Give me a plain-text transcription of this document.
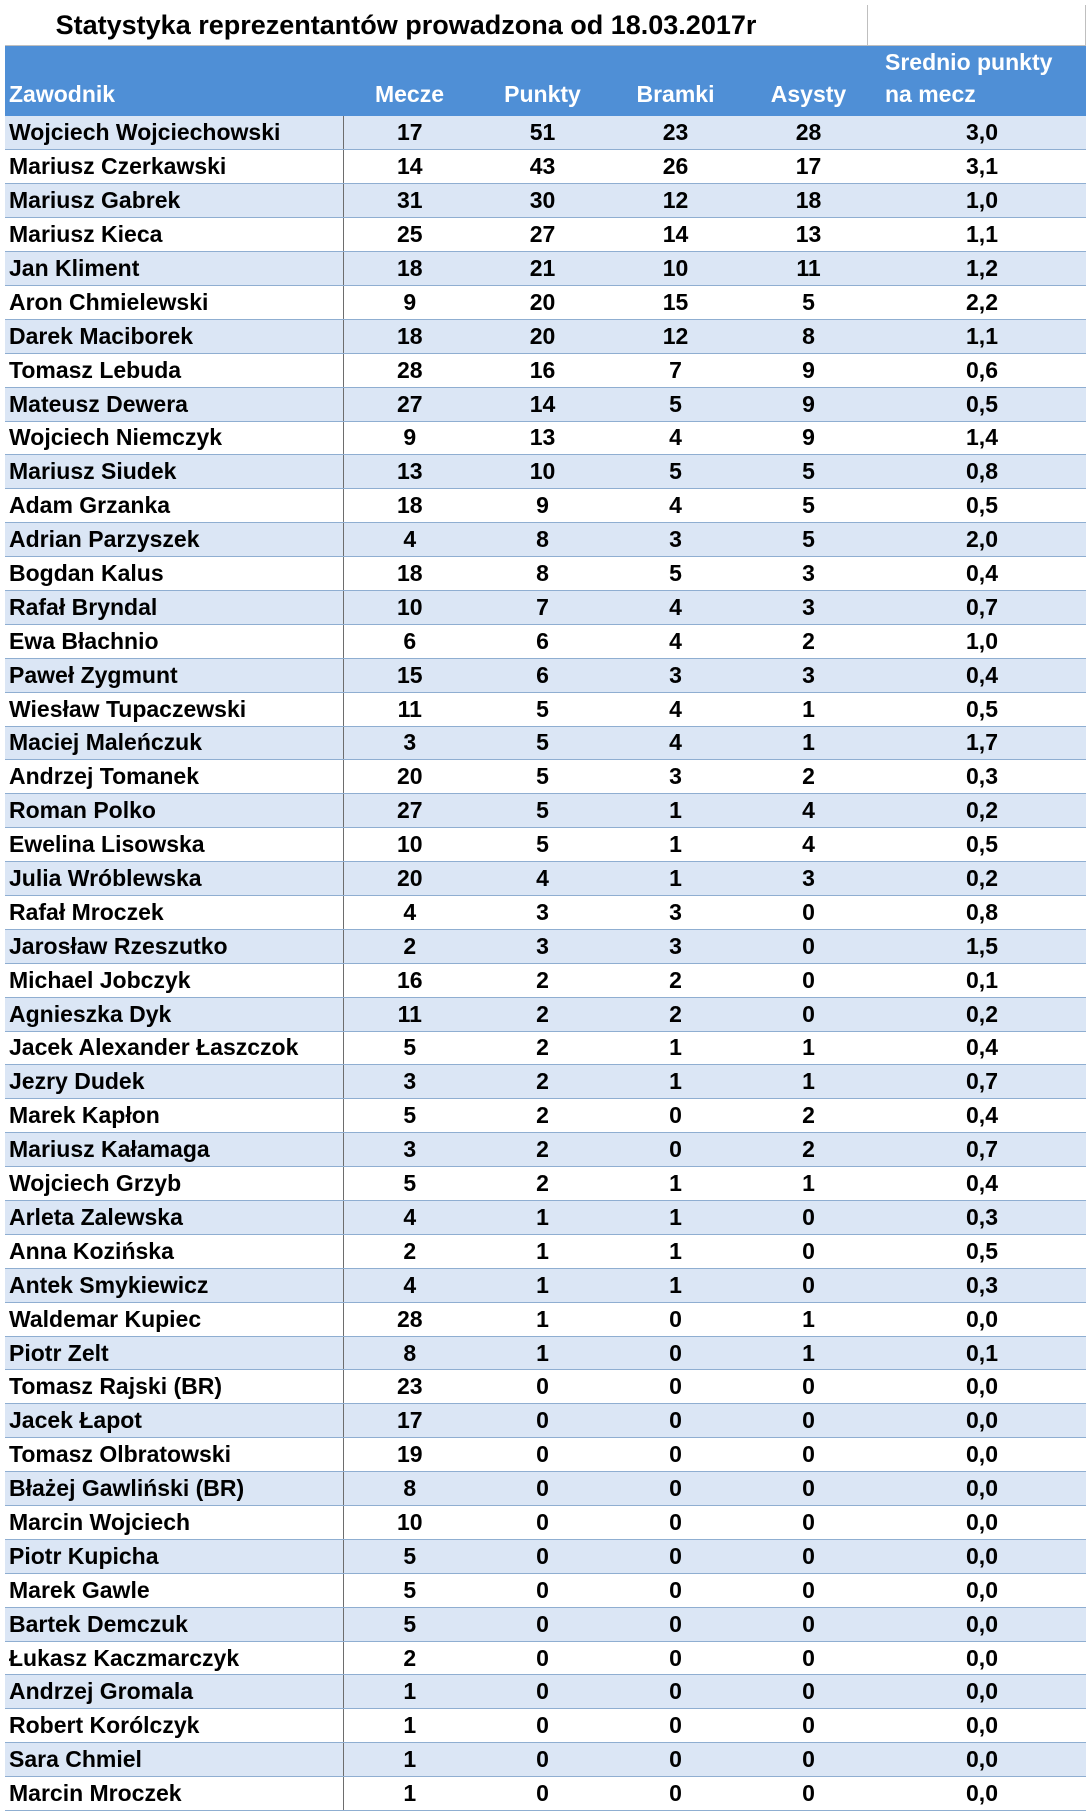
Statystyka reprezentantów prowadzona od 18.03.2017r
Zawodnik	Mecze	Punkty	Bramki	Asysty	Srednio punkty na mecz
Wojciech Wojciechowski	17	51	23	28	3,0
Mariusz Czerkawski	14	43	26	17	3,1
Mariusz Gabrek	31	30	12	18	1,0
Mariusz Kieca	25	27	14	13	1,1
Jan Kliment	18	21	10	11	1,2
Aron Chmielewski	9	20	15	5	2,2
Darek Maciborek	18	20	12	8	1,1
Tomasz Lebuda	28	16	7	9	0,6
Mateusz Dewera	27	14	5	9	0,5
Wojciech Niemczyk	9	13	4	9	1,4
Mariusz Siudek	13	10	5	5	0,8
Adam Grzanka	18	9	4	5	0,5
Adrian Parzyszek	4	8	3	5	2,0
Bogdan Kalus	18	8	5	3	0,4
Rafał Bryndal	10	7	4	3	0,7
Ewa Błachnio	6	6	4	2	1,0
Paweł Zygmunt	15	6	3	3	0,4
Wiesław Tupaczewski	11	5	4	1	0,5
Maciej Maleńczuk	3	5	4	1	1,7
Andrzej Tomanek	20	5	3	2	0,3
Roman Polko	27	5	1	4	0,2
Ewelina Lisowska	10	5	1	4	0,5
Julia Wróblewska	20	4	1	3	0,2
Rafał Mroczek	4	3	3	0	0,8
Jarosław Rzeszutko	2	3	3	0	1,5
Michael Jobczyk	16	2	2	0	0,1
Agnieszka Dyk	11	2	2	0	0,2
Jacek Alexander Łaszczok	5	2	1	1	0,4
Jezry Dudek	3	2	1	1	0,7
Marek Kapłon	5	2	0	2	0,4
Mariusz Kałamaga	3	2	0	2	0,7
Wojciech Grzyb	5	2	1	1	0,4
Arleta Zalewska	4	1	1	0	0,3
Anna Kozińska	2	1	1	0	0,5
Antek Smykiewicz	4	1	1	0	0,3
Waldemar Kupiec	28	1	0	1	0,0
Piotr Zelt	8	1	0	1	0,1
Tomasz Rajski (BR)	23	0	0	0	0,0
Jacek Łapot	17	0	0	0	0,0
Tomasz Olbratowski	19	0	0	0	0,0
Błażej Gawliński (BR)	8	0	0	0	0,0
Marcin Wojciech	10	0	0	0	0,0
Piotr Kupicha	5	0	0	0	0,0
Marek Gawle	5	0	0	0	0,0
Bartek Demczuk	5	0	0	0	0,0
Łukasz Kaczmarczyk	2	0	0	0	0,0
Andrzej Gromala	1	0	0	0	0,0
Robert Korólczyk	1	0	0	0	0,0
Sara Chmiel	1	0	0	0	0,0
Marcin Mroczek	1	0	0	0	0,0
